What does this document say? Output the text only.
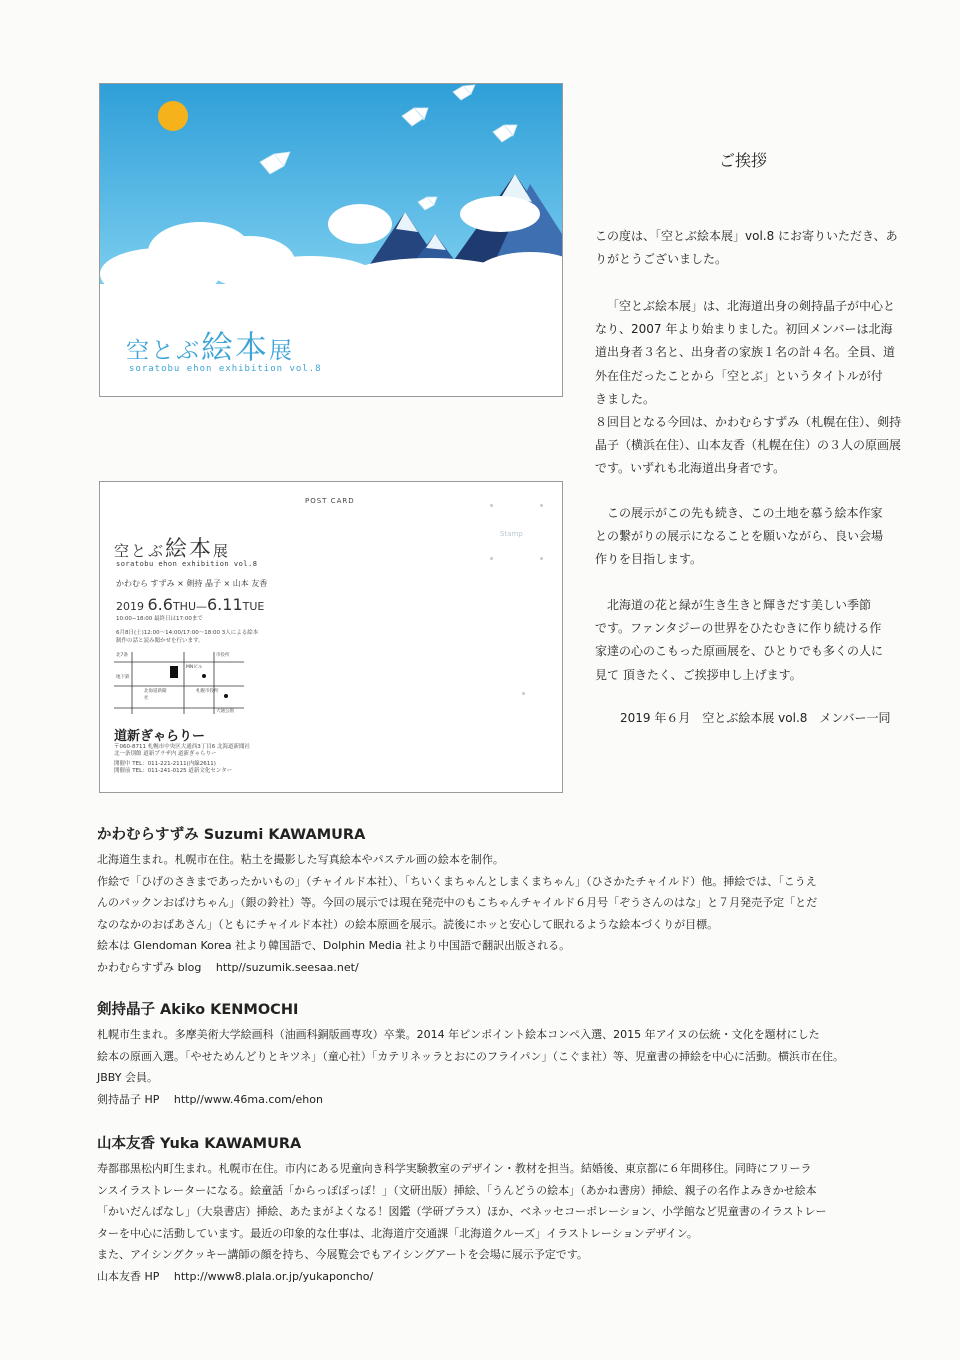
空とぶ絵本展
soratobu ehon exhibition vol.8
POST CARD
Stamp
空とぶ絵本展
soratobu ehon exhibition vol.8
かわむら すずみ × 剣持 晶子 × 山本 友香
2019 6.6THU—6.11TUE
10:00−18:00 最終日は17:00まで
6月8日(土)12:00〜14:00/17:00〜18:00 3人による絵本
制作の話と読み聞かせを行います。
北7条
MNビル
市役所
北海道新聞社
札幌市役所
大通公園
地下鉄
道新ぎゃらりー
〒060-8711 札幌市中央区大通西3丁目6 北海道新聞社
北一条別館 道新プラザ内 道新ぎゃらりー
開催中 TEL：011-221-2111(内線2611)
開催前 TEL：011-241-0125 道新文化センター
ご挨拶
この度は、「空とぶ絵本展」vol.8 にお寄りいただき、あ
りがとうございました。
「空とぶ絵本展」は、北海道出身の剣持晶子が中心と
なり、2007 年より始まりました。初回メンバーは北海
道出身者３名と、出身者の家族１名の計４名。全員、道
外在住だったことから「空とぶ」というタイトルが付
きました。
８回目となる今回は、かわむらすずみ（札幌在住）、剣持
晶子（横浜在住）、山本友香（札幌在住）の３人の原画展
です。いずれも北海道出身者です。
この展示がこの先も続き、この土地を慕う絵本作家
との繋がりの展示になることを願いながら、良い会場
作りを目指します。
北海道の花と緑が生き生きと輝きだす美しい季節
です。ファンタジーの世界をひたむきに作り続ける作
家達の心のこもった原画展を、ひとりでも多くの人に
見て 頂きたく、ご挨拶申し上げます。
2019 年６月　空とぶ絵本展 vol.8　メンバー一同
かわむらすずみ Suzumi KAWAMURA
北海道生まれ。札幌市在住。粘土を撮影した写真絵本やパステル画の絵本を制作。
作絵で「ひげのさきまであったかいもの」（チャイルド本社）、「ちいくまちゃんとしまくまちゃん」（ひさかたチャイルド）他。挿絵では、「こうえ
んのパックンおばけちゃん」（銀の鈴社）等。今回の展示では現在発売中のもこちゃんチャイルド６月号「ぞうさんのはな」と７月発売予定「とだ
なのなかのおばあさん」（ともにチャイルド本社）の絵本原画を展示。読後にホッと安心して眠れるような絵本づくりが目標。
絵本は Glendoman Korea 社より韓国語で、Dolphin Media 社より中国語で翻訳出版される。
かわむらすずみ blog　 http//suzumik.seesaa.net/
剣持晶子 Akiko KENMOCHI
札幌市生まれ。多摩美術大学絵画科（油画科銅版画専攻）卒業。2014 年ピンポイント絵本コンペ入選、2015 年アイヌの伝統・文化を題材にした
絵本の原画入選。「やせためんどりとキツネ」（童心社）「カテリネッラとおにのフライパン」（こぐま社）等、児童書の挿絵を中心に活動。横浜市在住。
JBBY 会員。
剣持晶子 HP　 http//www.46ma.com/ehon
山本友香 Yuka KAWAMURA
寿都郡黒松内町生まれ。札幌市在住。市内にある児童向き科学実験教室のデザイン・教材を担当。結婚後、東京都に６年間移住。同時にフリーラ
ンスイラストレーターになる。絵童話「からっぽぽっぽ！」（文研出版）挿絵、「うんどうの絵本」（あかね書房）挿絵、親子の名作よみきかせ絵本
「かいだんばなし」（大泉書店）挿絵、あたまがよくなる！図鑑（学研プラス）ほか、ベネッセコーポレーション、小学館など児童書のイラストレー
ターを中心に活動しています。最近の印象的な仕事は、北海道庁交通課「北海道クルーズ」イラストレーションデザイン。
また、アイシングクッキー講師の顔を持ち、今展覧会でもアイシングアートを会場に展示予定です。
山本友香 HP　 http://www8.plala.or.jp/yukaponcho/
